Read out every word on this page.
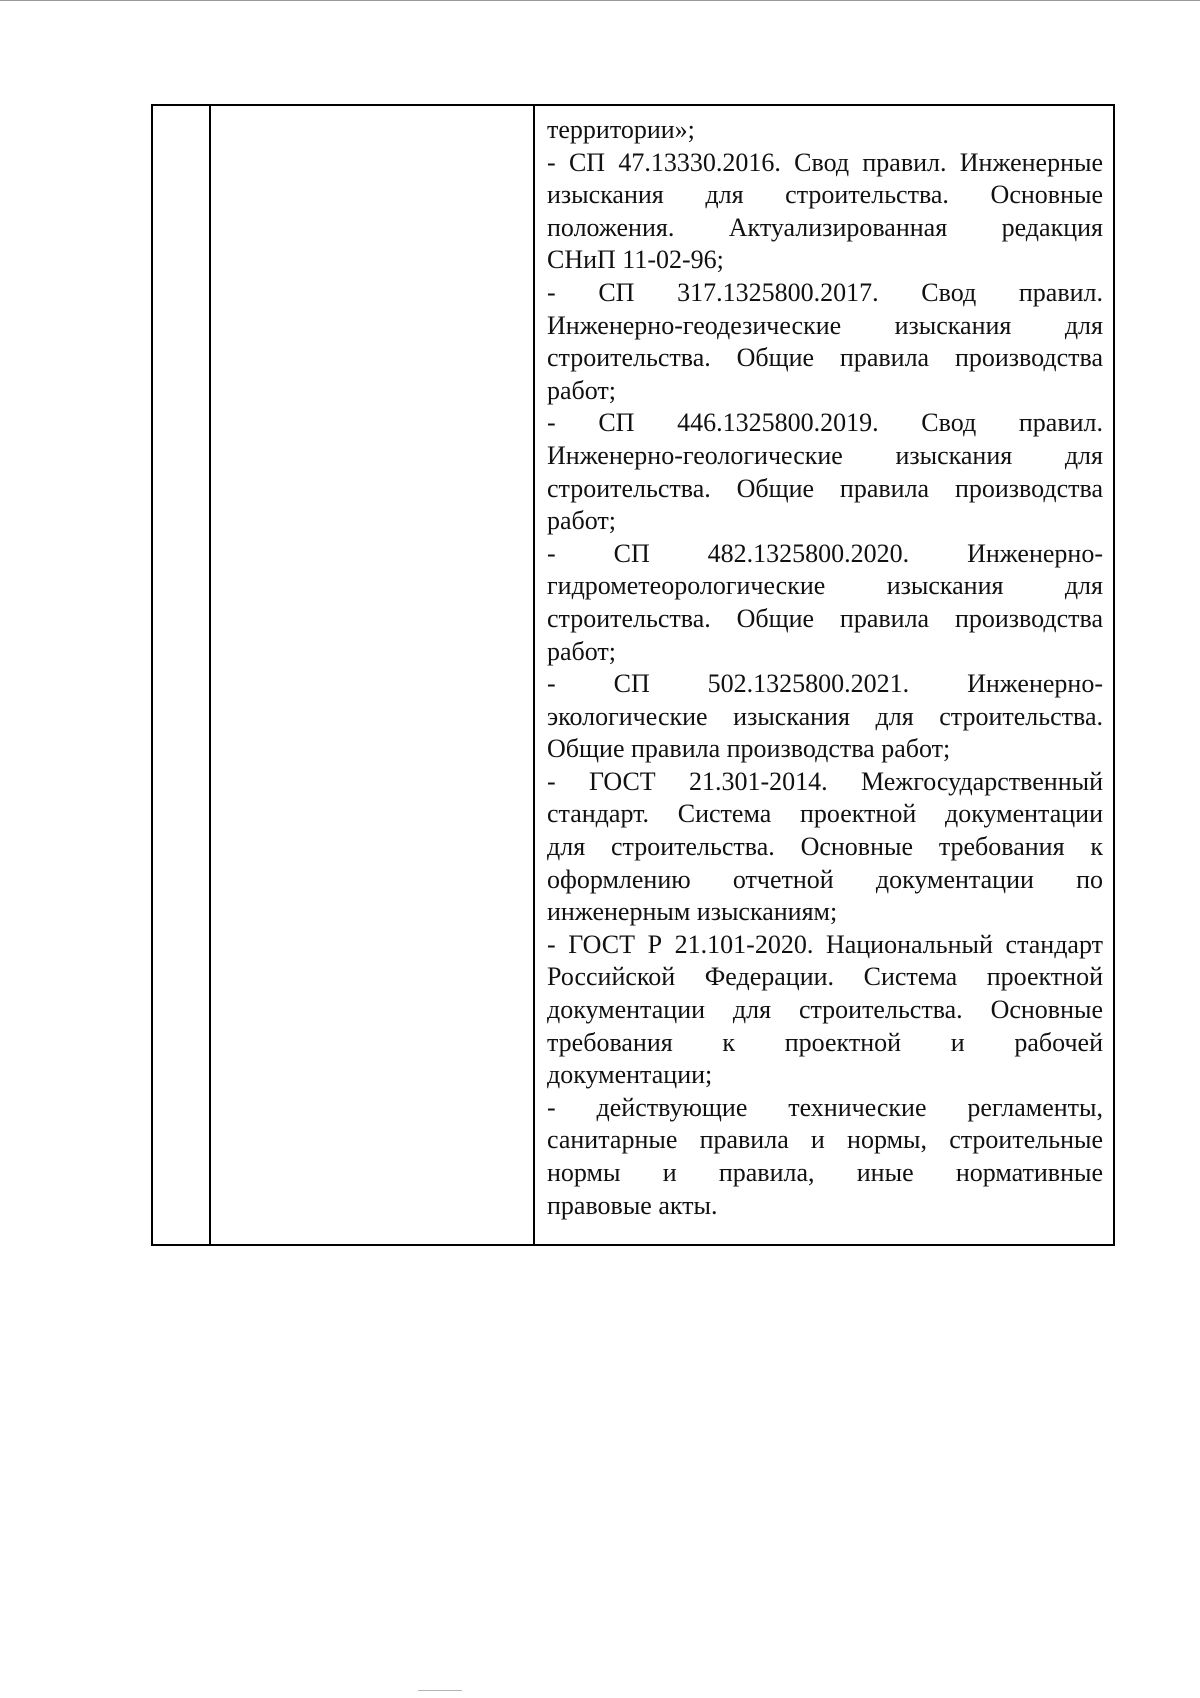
территории»;
- СП 47.13330.2016. Свод правил. Инженерные
изыскания для строительства. Основные
положения. Актуализированная редакция
СНиП 11-02-96;
- СП 317.1325800.2017. Свод правил.
Инженерно-геодезические изыскания для
строительства. Общие правила производства
работ;
- СП 446.1325800.2019. Свод правил.
Инженерно-геологические изыскания для
строительства. Общие правила производства
работ;
- СП 482.1325800.2020. Инженерно-
гидрометеорологические изыскания для
строительства. Общие правила производства
работ;
- СП 502.1325800.2021. Инженерно-
экологические изыскания для строительства.
Общие правила производства работ;
- ГОСТ 21.301-2014. Межгосударственный
стандарт. Система проектной документации
для строительства. Основные требования к
оформлению отчетной документации по
инженерным изысканиям;
- ГОСТ Р 21.101-2020. Национальный стандарт
Российской Федерации. Система проектной
документации для строительства. Основные
требования к проектной и рабочей
документации;
- действующие технические регламенты,
санитарные правила и нормы, строительные
нормы и правила, иные нормативные
правовые акты.
